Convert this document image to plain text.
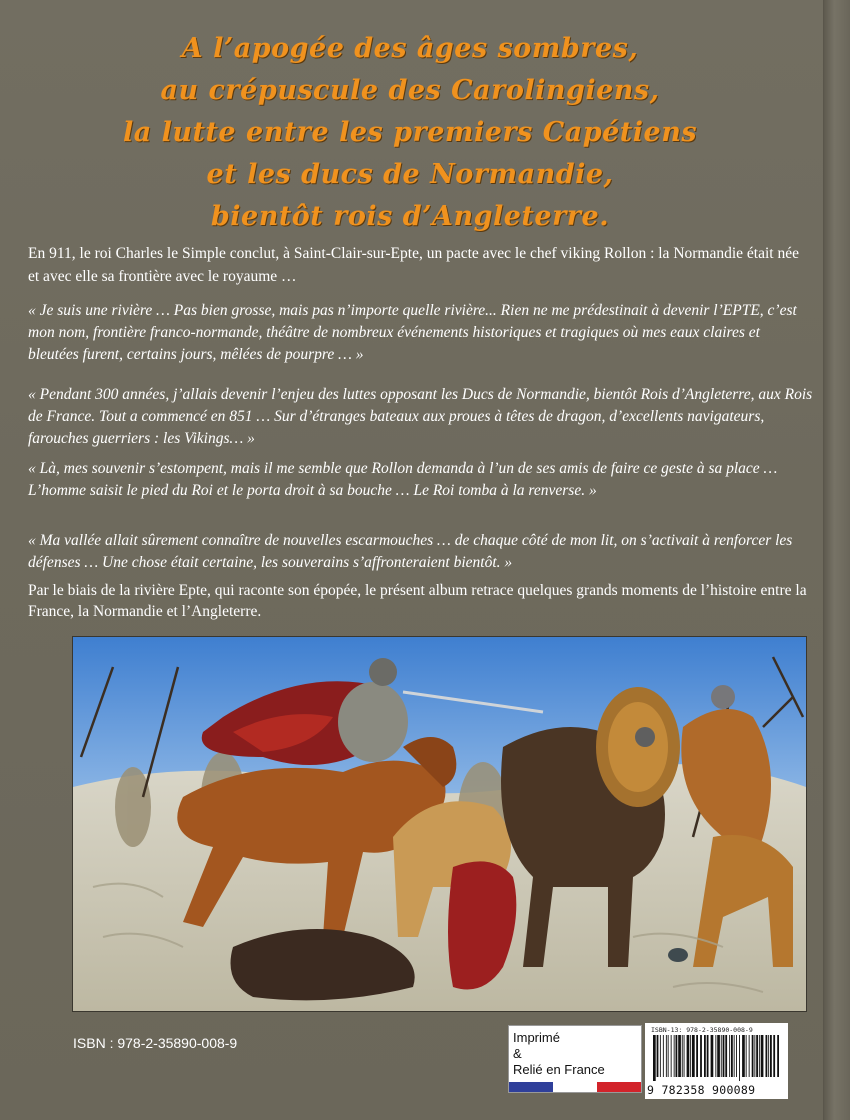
A l’apogée des âges sombres,
au crépuscule des Carolingiens,
la lutte entre les premiers Capétiens
et les ducs de Normandie,
bientôt rois d’Angleterre.
En 911, le roi Charles le Simple conclut, à Saint-Clair-sur-Epte, un pacte avec le chef viking Rollon : la Normandie était née et avec elle sa frontière avec le royaume …
« Je suis une rivière … Pas bien grosse, mais pas n’importe quelle rivière... Rien ne me prédestinait à devenir l’EPTE, c’est mon nom, frontière franco-normande, théâtre de nombreux événements historiques et tragiques où mes eaux claires et bleutées furent, certains jours, mêlées de pourpre … »
« Pendant 300 années, j’allais devenir l’enjeu des luttes opposant les Ducs de Normandie, bientôt Rois d’Angleterre, aux Rois de France. Tout a commencé en 851 … Sur d’étranges bateaux aux proues à têtes de dragon, d’excellents navigateurs, farouches guerriers : les Vikings… »
« Là, mes souvenir s’estompent, mais il me semble que Rollon demanda à l’un de ses amis de faire ce geste à sa place … L’homme saisit le pied du Roi et le porta droit à sa bouche … Le Roi tomba à la renverse. »
« Ma vallée allait sûrement connaître de nouvelles escarmouches … de chaque côté de mon lit, on s’activait à renforcer les défenses … Une chose était certaine, les souverains s’affronteraient bientôt. »
Par le biais de la rivière Epte, qui raconte son épopée, le présent album retrace quelques grands moments de l’histoire entre la France, la Normandie et l’Angleterre.
ISBN : 978-2-35890-008-9	Imprimé
&
Relié en France
ISBN-13: 978-2-35890-008-9
9 782358 900089
